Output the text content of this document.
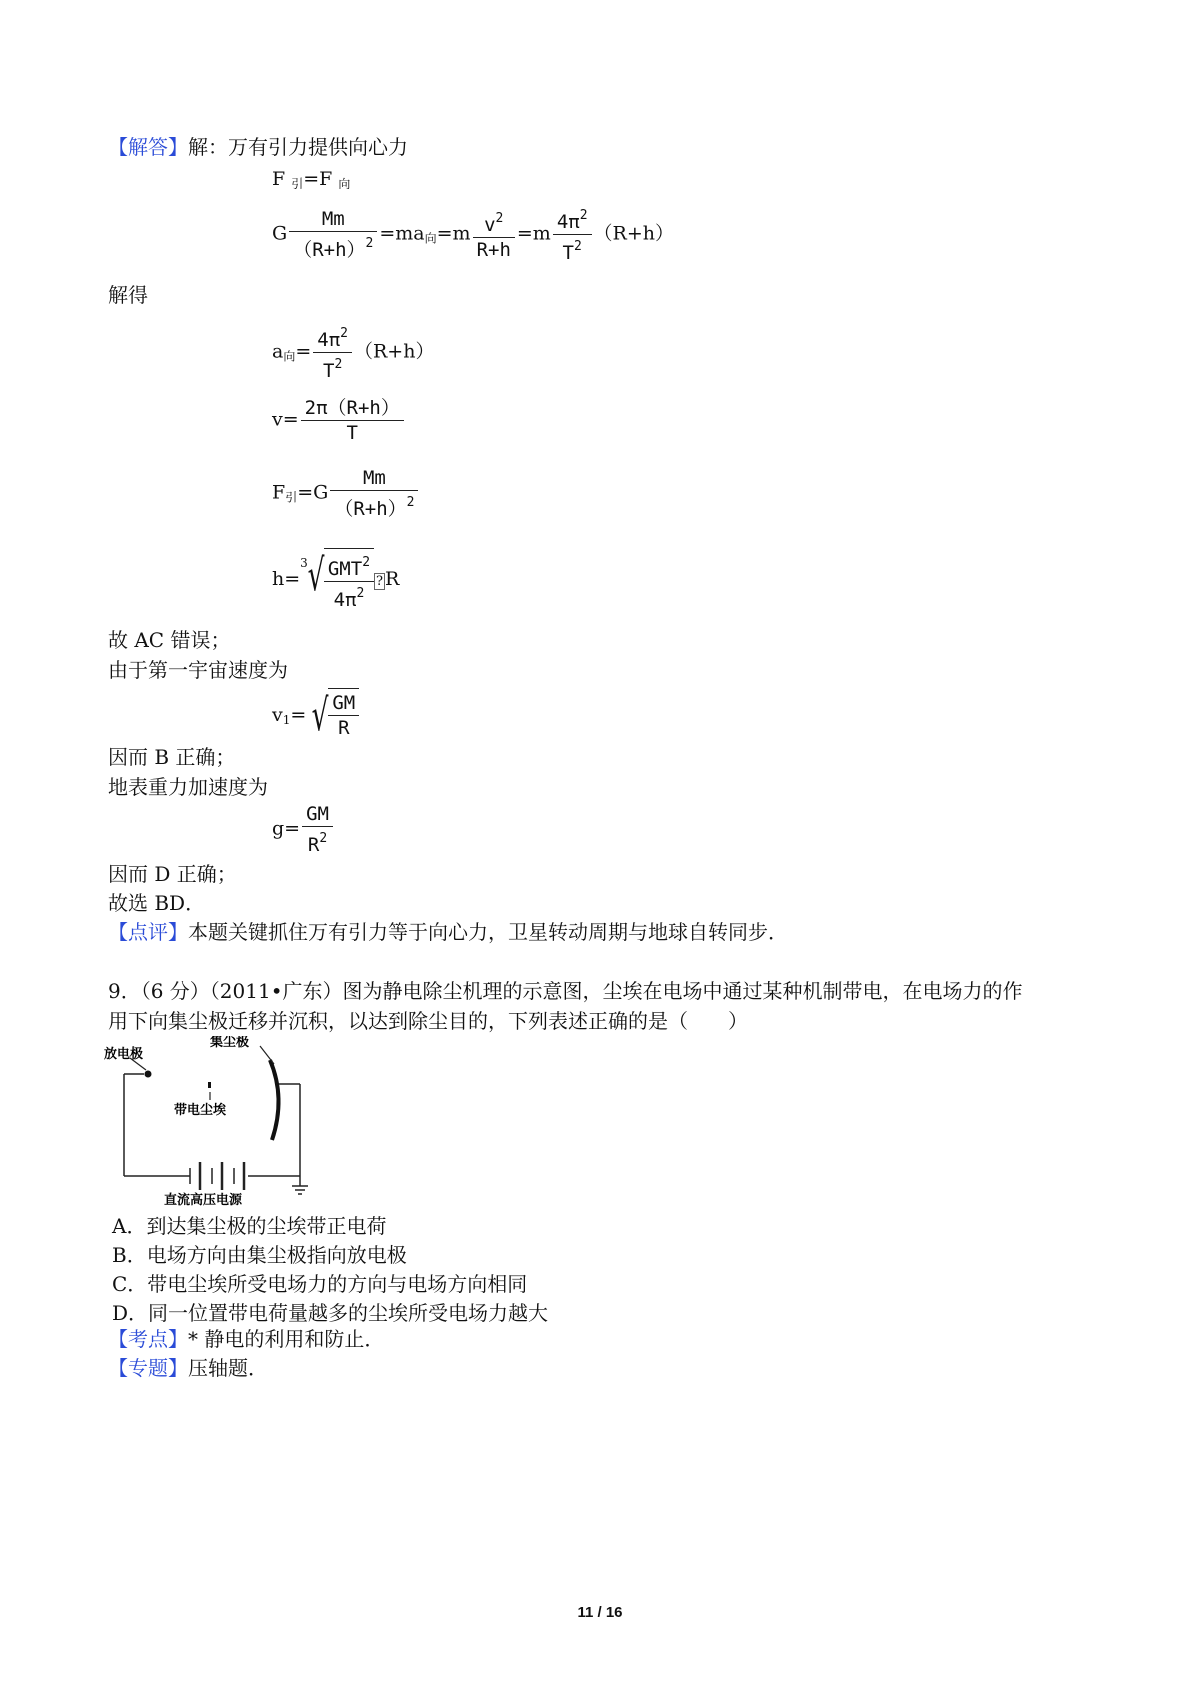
【解答】解：万有引力提供向心力
F $_引$=F $_向$
G $\frac{Mm}{(R+h)^2} =ma_向=m \frac{v^2}{R+h} =m \frac{4\pi^2}{T^2} (R+h)$
解得
$a_向= \frac{4\pi^2}{T^2} (R+h)$
$v= \frac{2\pi(R+h)}{T}$
$F_引=G \frac{Mm}{(R+h)^2}$
h=$^3$ √ $\frac{GMT^2}{4\pi^2}$ ? R
故 AC 错误；
由于第一宇宙速度为
$v_1=$ √ $\frac{GM}{R}$
因而 B 正确；
地表重力加速度为
$g= \frac{GM}{R^2}$
因而 D 正确；
故选 BD．
【点评】本题关键抓住万有引力等于向心力，卫星转动周期与地球自转同步．
9．（6 分）（2011•广东）图为静电除尘机理的示意图，尘埃在电场中通过某种机制带电，在电场力的作
用下向集尘极迁移并沉积，以达到除尘目的，下列表述正确的是（　　）
放电极
集尘极
带电尘埃
直流高压电源
A．到达集尘极的尘埃带正电荷
B．电场方向由集尘极指向放电极
C．带电尘埃所受电场力的方向与电场方向相同
D．同一位置带电荷量越多的尘埃所受电场力越大
【考点】* 静电的利用和防止．
【专题】压轴题．
11 / 16
